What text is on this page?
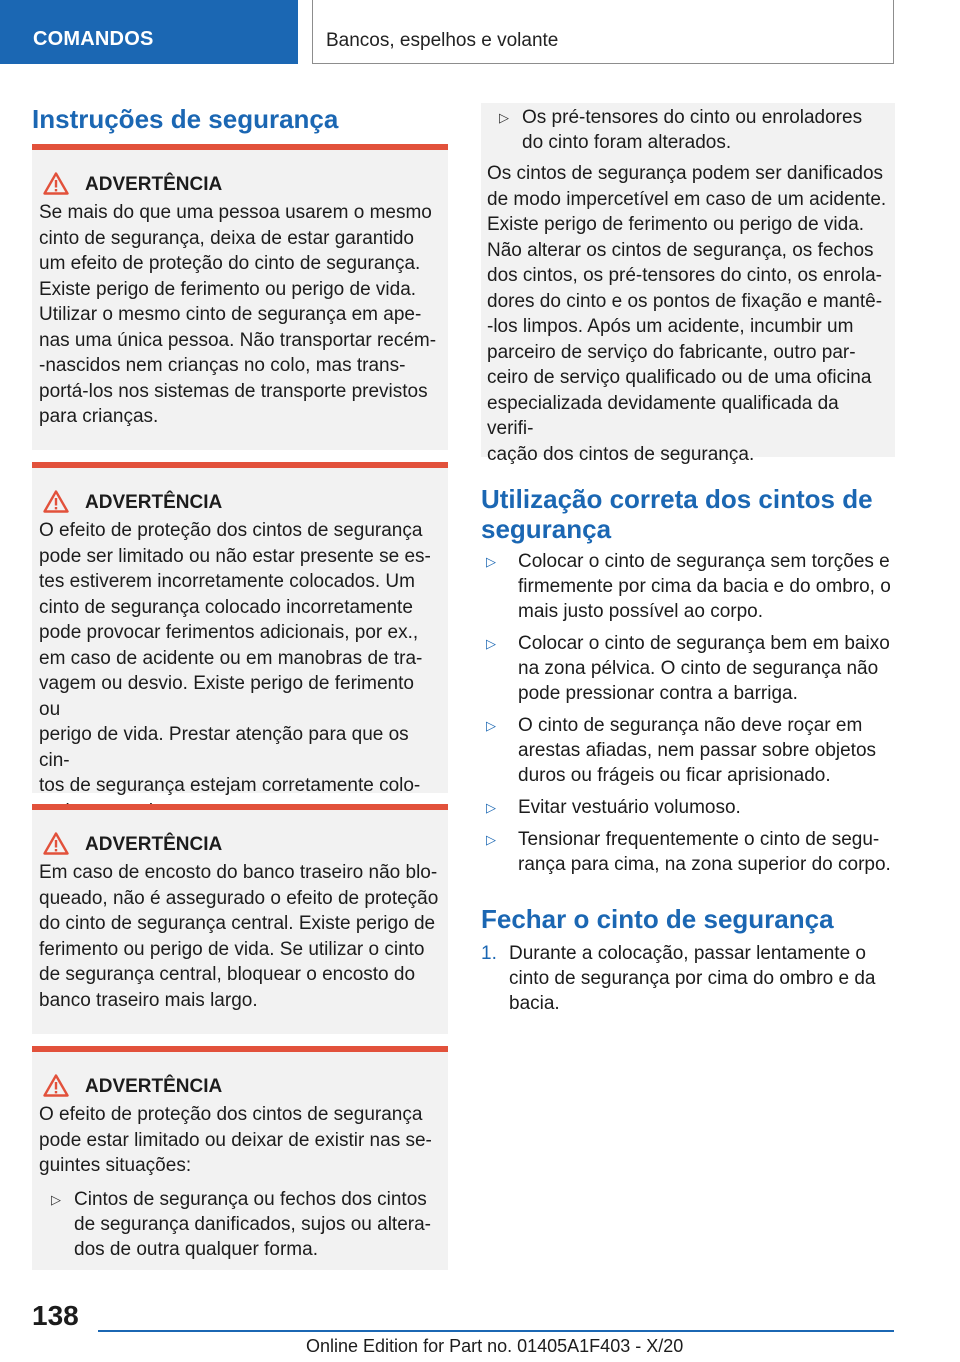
COMANDOS	Bancos, espelhos e volante
Instruções de segurança
ADVERTÊNCIA

Se mais do que uma pessoa usarem o mesmo
cinto de segurança, deixa de estar garantido
um efeito de proteção do cinto de segurança.
Existe perigo de ferimento ou perigo de vida.
Utilizar o mesmo cinto de segurança em ape-
nas uma única pessoa. Não transportar recém-
-nascidos nem crianças no colo, mas trans-
portá-los nos sistemas de transporte previstos
para crianças.

ADVERTÊNCIA

O efeito de proteção dos cintos de segurança
pode ser limitado ou não estar presente se es-
tes estiverem incorretamente colocados. Um
cinto de segurança colocado incorretamente
pode provocar ferimentos adicionais, por ex.,
em caso de acidente ou em manobras de tra-
vagem ou desvio. Existe perigo de ferimento ou
perigo de vida. Prestar atenção para que os cin-
tos de segurança estejam corretamente colo-

ADVERTÊNCIA

Em caso de encosto do banco traseiro não blo-
queado, não é assegurado o efeito de proteção
do cinto de segurança central. Existe perigo de
ferimento ou perigo de vida. Se utilizar o cinto
de segurança central, bloquear o encosto do
banco traseiro mais largo.

ADVERTÊNCIA

O efeito de proteção dos cintos de segurança
pode estar limitado ou deixar de existir nas se-
guintes situações:

▷ Cintos de segurança ou fechos dos cintos
de segurança danificados, sujos ou altera-
dos de outra qualquer forma.
▷ Os pré-tensores do cinto ou enroladores
do cinto foram alterados.

Os cintos de segurança podem ser danificados
de modo impercetível em caso de um acidente.
Existe perigo de ferimento ou perigo de vida.
Não alterar os cintos de segurança, os fechos
dos cintos, os pré-tensores do cinto, os enrola-
dores do cinto e os pontos de fixação e mantê-
-los limpos. Após um acidente, incumbir um
parceiro de serviço do fabricante, outro par-
ceiro de serviço qualificado ou de uma oficina
especializada devidamente qualificada da verifi-
cação dos cintos de segurança.

Utilização correta dos cintos de
segurança
▷ Colocar o cinto de segurança sem torções e
firmemente por cima da bacia e do ombro, o
mais justo possível ao corpo.
▷ Colocar o cinto de segurança bem em baixo
na zona pélvica. O cinto de segurança não
pode pressionar contra a barriga.
▷ O cinto de segurança não deve roçar em
arestas afiadas, nem passar sobre objetos
duros ou frágeis ou ficar aprisionado.
▷ Evitar vestuário volumoso.
▷ Tensionar frequentemente o cinto de segu-
rança para cima, na zona superior do corpo.
Fechar o cinto de segurança
1. Durante a colocação, passar lentamente o
cinto de segurança por cima do ombro e da
bacia.
138
Online Edition for Part no. 01405A1F403 - X/20
